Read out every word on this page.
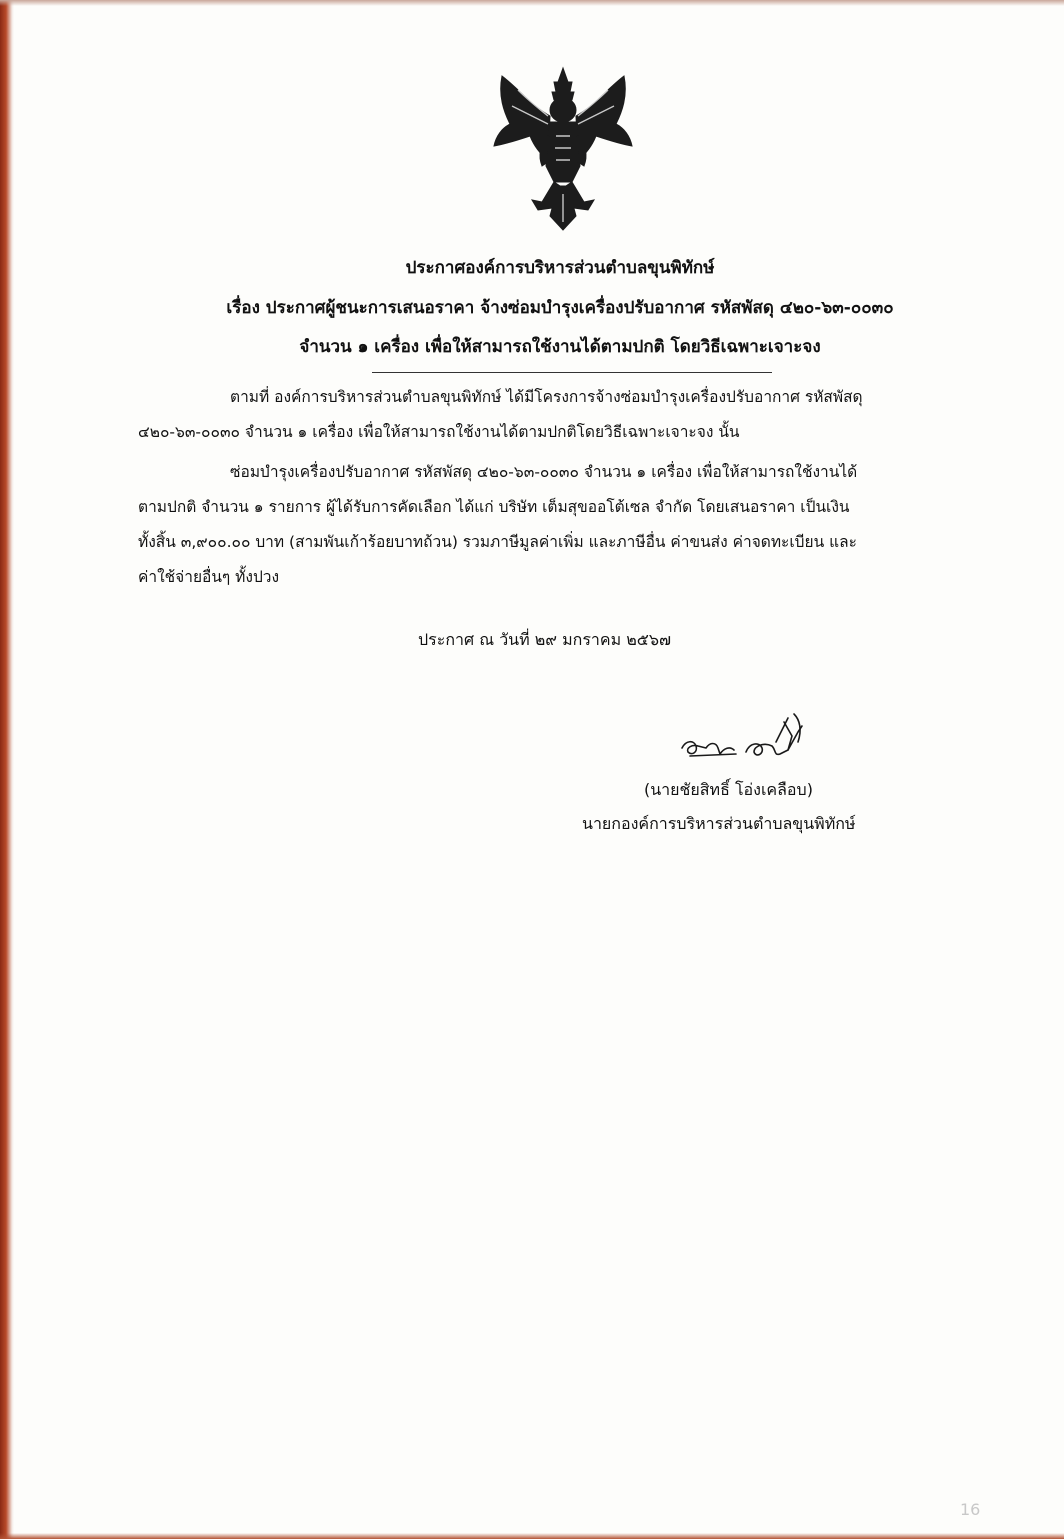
ประกาศองค์การบริหารส่วนตำบลขุนพิทักษ์
เรื่อง ประกาศผู้ชนะการเสนอราคา จ้างซ่อมบำรุงเครื่องปรับอากาศ รหัสพัสดุ ๔๒๐-๖๓-๐๐๓๐
จำนวน ๑ เครื่อง เพื่อให้สามารถใช้งานได้ตามปกติ โดยวิธีเฉพาะเจาะจง
ตามที่ องค์การบริหารส่วนตำบลขุนพิทักษ์ ได้มีโครงการจ้างซ่อมบำรุงเครื่องปรับอากาศ รหัสพัสดุ
๔๒๐-๖๓-๐๐๓๐ จำนวน ๑ เครื่อง เพื่อให้สามารถใช้งานได้ตามปกติโดยวิธีเฉพาะเจาะจง นั้น
ซ่อมบำรุงเครื่องปรับอากาศ รหัสพัสดุ ๔๒๐-๖๓-๐๐๓๐ จำนวน ๑ เครื่อง เพื่อให้สามารถใช้งานได้
ตามปกติ จำนวน ๑ รายการ ผู้ได้รับการคัดเลือก ได้แก่ บริษัท เต็มสุขออโต้เซล จำกัด โดยเสนอราคา เป็นเงิน
ทั้งสิ้น ๓,๙๐๐.๐๐ บาท (สามพันเก้าร้อยบาทถ้วน) รวมภาษีมูลค่าเพิ่ม และภาษีอื่น ค่าขนส่ง ค่าจดทะเบียน และ
ค่าใช้จ่ายอื่นๆ ทั้งปวง
ประกาศ ณ วันที่ ๒๙ มกราคม ๒๕๖๗
(นายชัยสิทธิ์ โอ่งเคลือบ)
นายกองค์การบริหารส่วนตำบลขุนพิทักษ์
16
